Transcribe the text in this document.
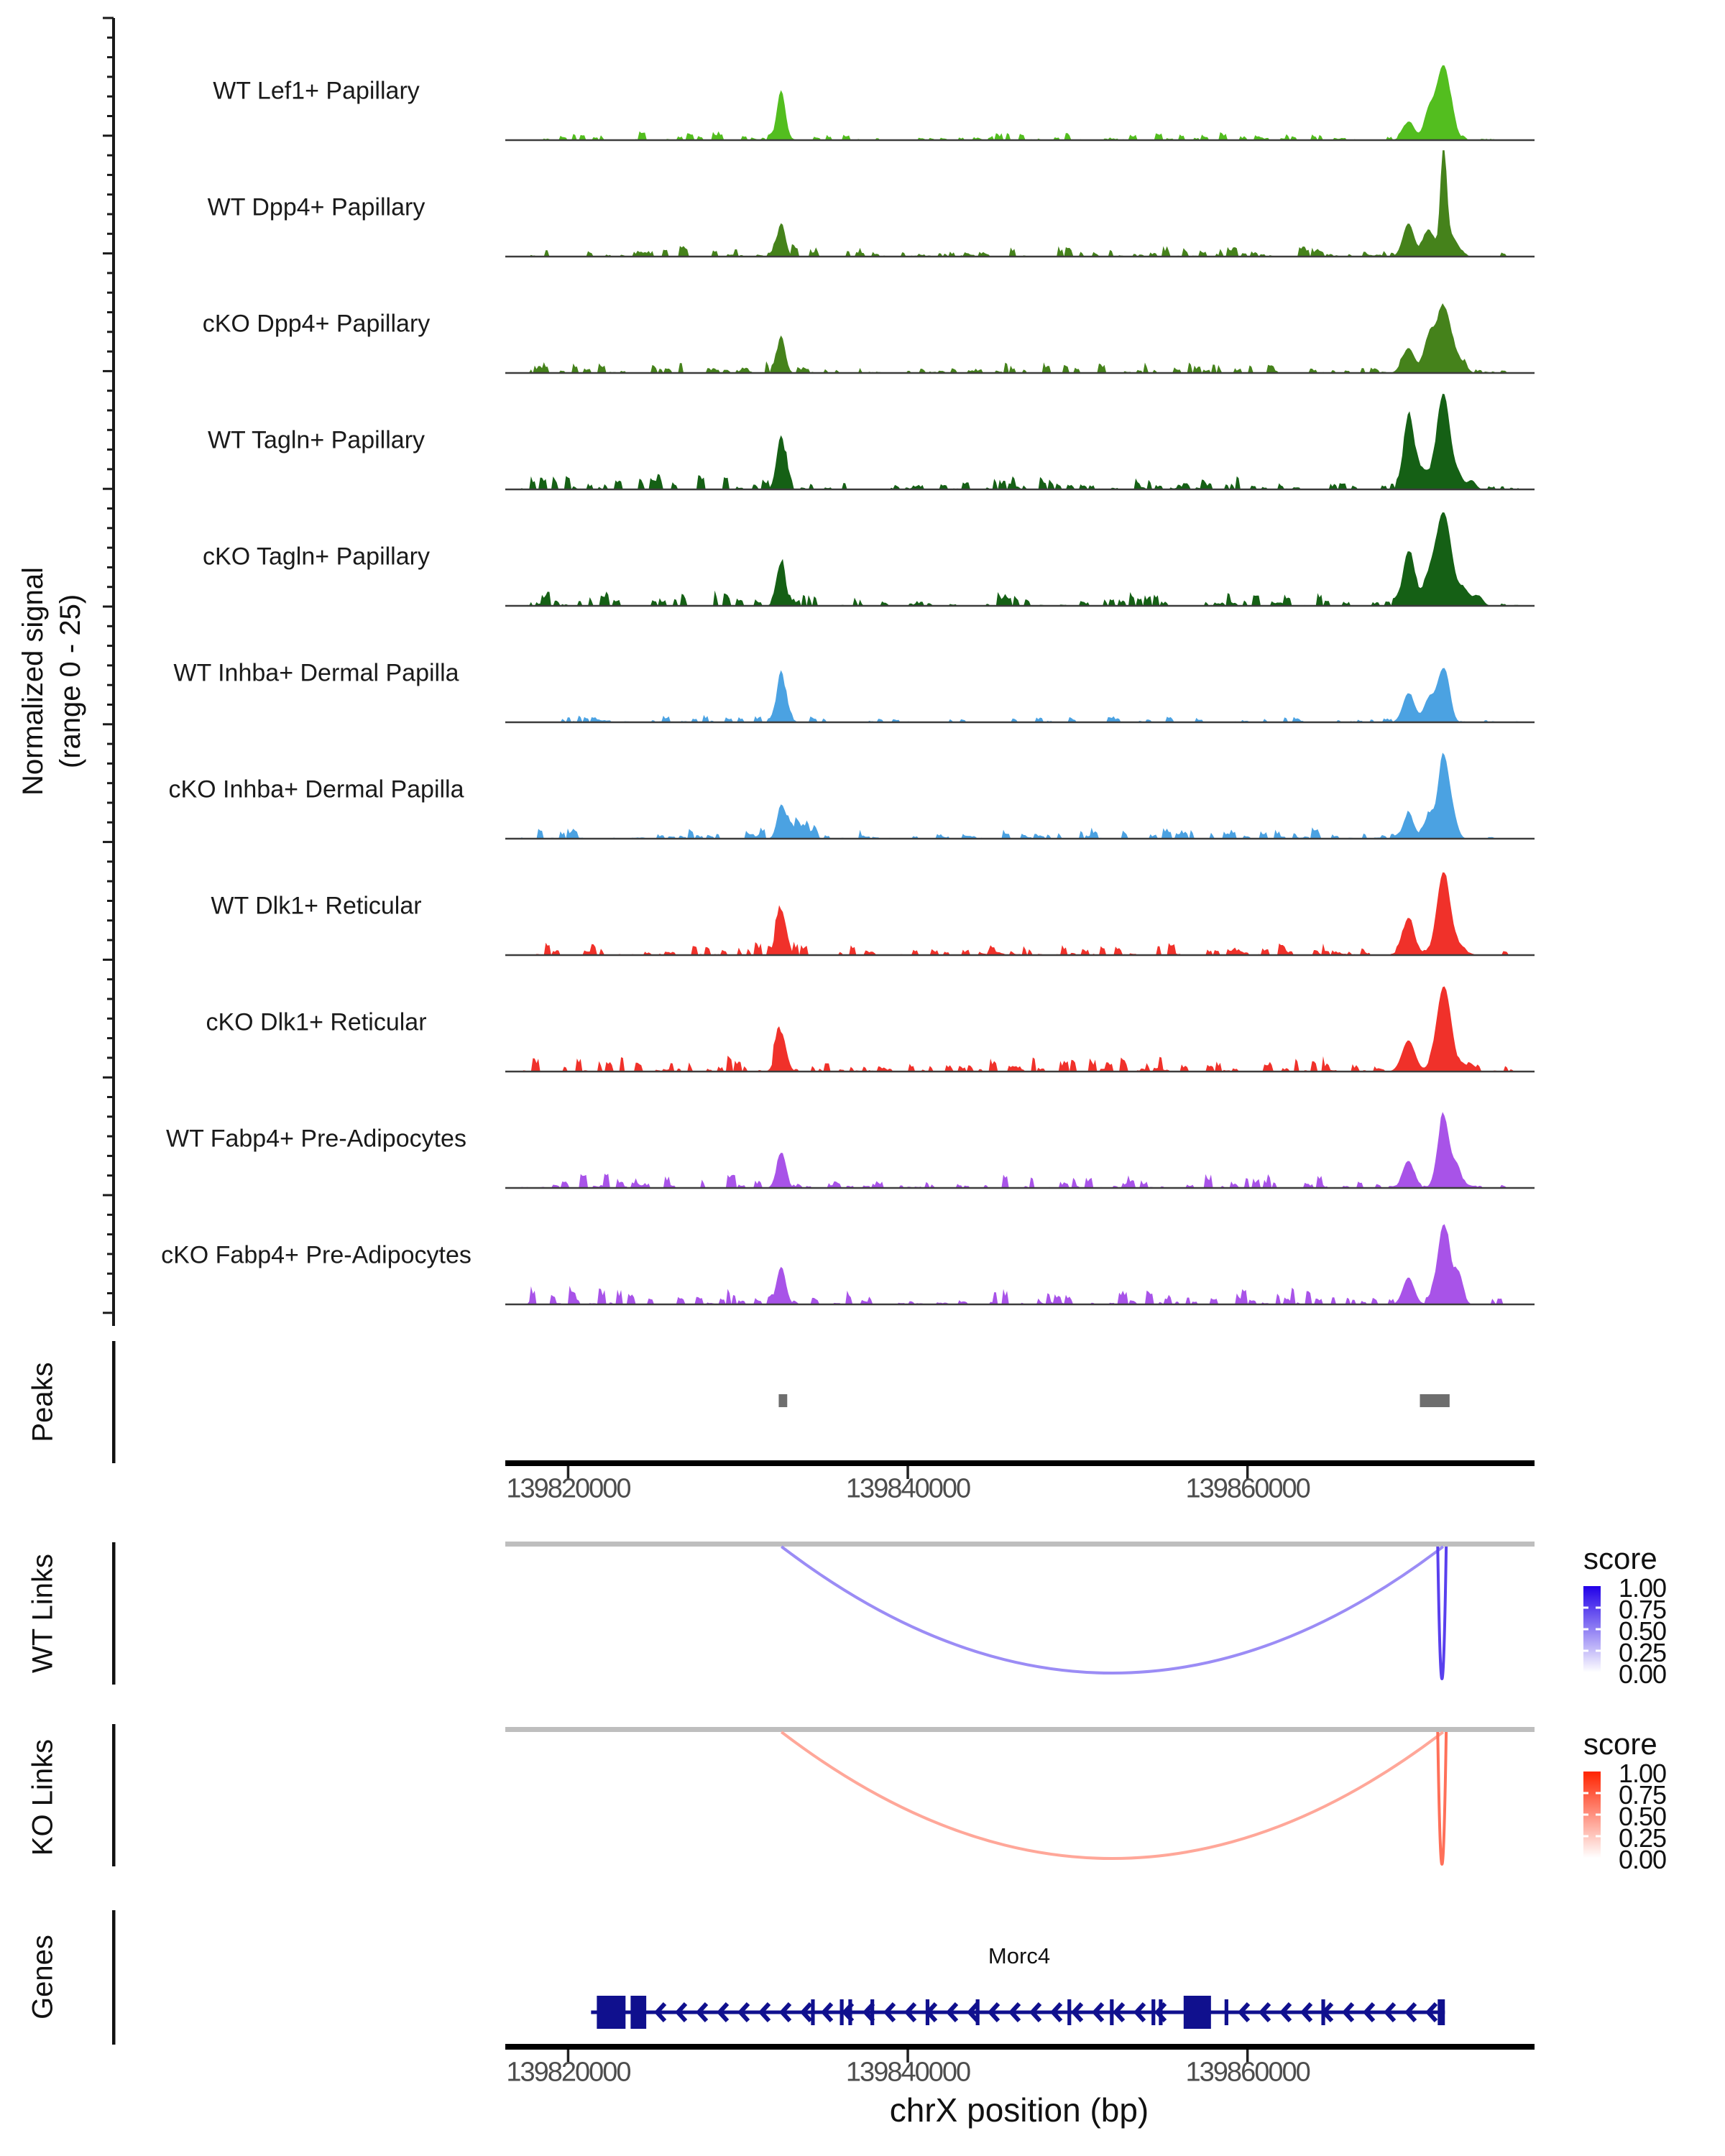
Normalized signal (range 0 - 25)
WT Lef1+ Papillary
WT Dpp4+ Papillary
cKO Dpp4+ Papillary
WT Tagln+ Papillary
cKO Tagln+ Papillary
WT Inhba+ Dermal Papilla
cKO Inhba+ Dermal Papilla
WT Dlk1+ Reticular
cKO Dlk1+ Reticular
WT Fabp4+ Pre-Adipocytes
cKO Fabp4+ Pre-Adipocytes
Peaks
WT Links
KO Links
Genes
139820000	139840000	139860000
139820000	139840000	139860000
score
1.00
0.75
0.50
0.25
0.00
score
1.00
0.75
0.50
0.25
0.00
Morc4
chrX position (bp)
